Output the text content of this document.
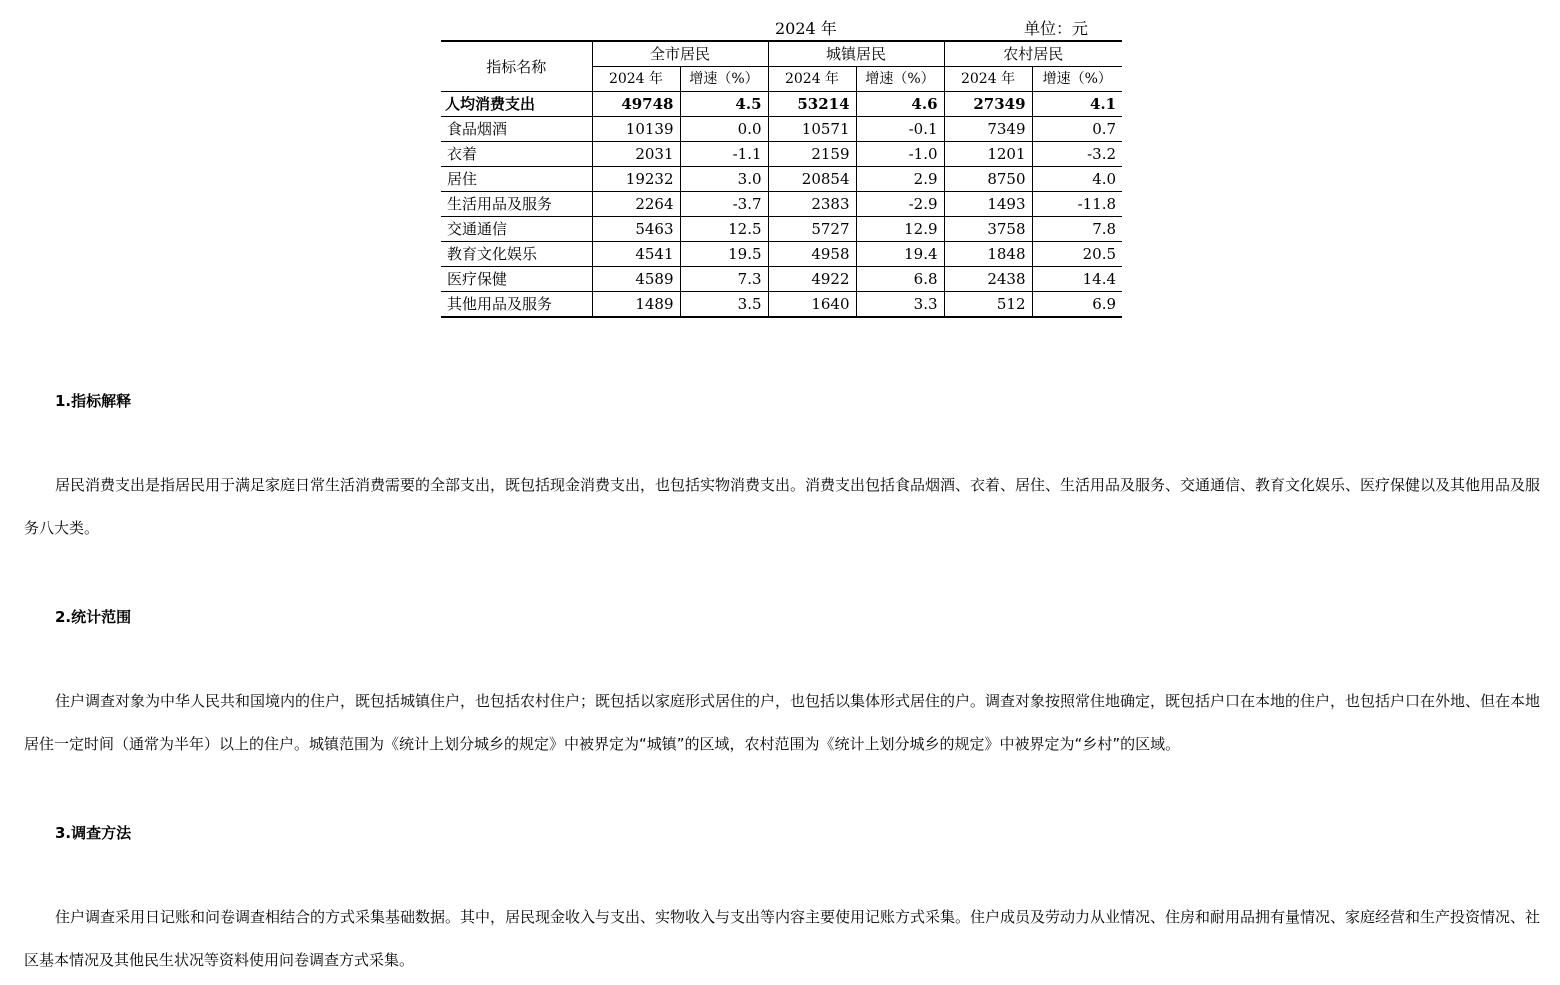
2024 年	单位：元
指标名称	全市居民		城镇居民		农村居民	
	2024 年	增速（%）	2024 年	增速（%）	2024 年	增速（%）
人均消费支出	49748	4.5	53214	4.6	27349	4.1
食品烟酒	10139	0.0	10571	-0.1	7349	0.7
衣着	2031	-1.1	2159	-1.0	1201	-3.2
居住	19232	3.0	20854	2.9	8750	4.0
生活用品及服务	2264	-3.7	2383	-2.9	1493	-11.8
交通通信	5463	12.5	5727	12.9	3758	7.8
教育文化娱乐	4541	19.5	4958	19.4	1848	20.5
医疗保健	4589	7.3	4922	6.8	2438	14.4
其他用品及服务	1489	3.5	1640	3.3	512	6.9
1.指标解释

居民消费支出是指居民用于满足家庭日常生活消费需要的全部支出，既包括现金消费支出，也包括实物消费支出。消费支出包括食品烟酒、衣着、居住、生活用品及服务、交通通信、教育文化娱乐、医疗保健以及其他用品及服务八大类。

2.统计范围

住户调查对象为中华人民共和国境内的住户，既包括城镇住户，也包括农村住户；既包括以家庭形式居住的户，也包括以集体形式居住的户。调查对象按照常住地确定，既包括户口在本地的住户，也包括户口在外地、但在本地居住一定时间（通常为半年）以上的住户。城镇范围为《统计上划分城乡的规定》中被界定为“城镇”的区域，农村范围为《统计上划分城乡的规定》中被界定为“乡村”的区域。

3.调查方法

住户调查采用日记账和问卷调查相结合的方式采集基础数据。其中，居民现金收入与支出、实物收入与支出等内容主要使用记账方式采集。住户成员及劳动力从业情况、住房和耐用品拥有量情况、家庭经营和生产投资情况、社区基本情况及其他民生状况等资料使用问卷调查方式采集。
